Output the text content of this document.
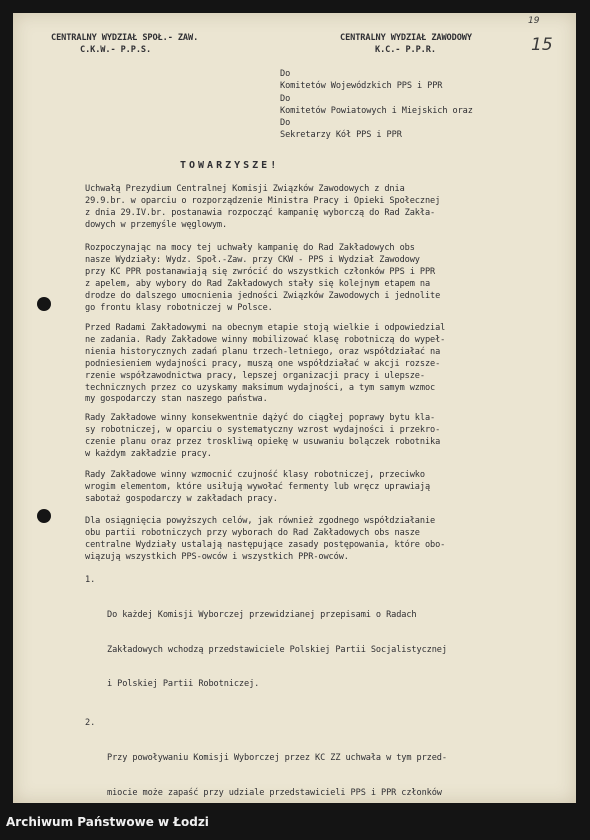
19
15
CENTRALNY WYDZIAŁ SPOŁ.- ZAW.
C.K.W.- P.P.S.
CENTRALNY WYDZIAŁ ZAWODOWY
K.C.- P.P.R.
Do
Komitetów Wojewódzkich PPS i PPR
Do
Komitetów Powiatowych i Miejskich oraz
Do
Sekretarzy Kół PPS i PPR
TOWARZYSZE!
Uchwałą Prezydium Centralnej Komisji Związków Zawodowych z dnia
29.9.br. w oparciu o rozporządzenie Ministra Pracy i Opieki Społecznej
z dnia 29.IV.br. postanawia rozpocząć kampanię wyborczą do Rad Zakła-
dowych w przemyśle węglowym.
Rozpoczynając na mocy tej uchwały kampanię do Rad Zakładowych obs
nasze Wydziały: Wydz. Społ.-Zaw. przy CKW - PPS i Wydział Zawodowy
przy KC PPR postanawiają się zwrócić do wszystkich członków PPS i PPR
z apelem, aby wybory do Rad Zakładowych stały się kolejnym etapem na
drodze do dalszego umocnienia jedności Związków Zawodowych i jednolite
go frontu klasy robotniczej w Polsce.
Przed Radami Zakładowymi na obecnym etapie stoją wielkie i odpowiedzial
ne zadania. Rady Zakładowe winny mobilizować klasę robotniczą do wypeł-
nienia historycznych zadań planu trzech-letniego, oraz współdziałać na
podniesieniem wydajności pracy, muszą one współdziałać w akcji rozsze-
rzenie współzawodnictwa pracy, lepszej organizacji pracy i ulepsze-
technicznych przez co uzyskamy maksimum wydajności, a tym samym wzmoc
my gospodarczy stan naszego państwa.
Rady Zakładowe winny konsekwentnie dążyć do ciągłej poprawy bytu kla-
sy robotniczej, w oparciu o systematyczny wzrost wydajności i przekro-
czenie planu oraz przez troskliwą opiekę w usuwaniu bolączek robotnika
w każdym zakładzie pracy.
Rady Zakładowe winny wzmocnić czujność klasy robotniczej, przeciwko
wrogim elementom, które usiłują wywołać fermenty lub wręcz uprawiają
sabotaż gospodarczy w zakładach pracy.
Dla osiągnięcia powyższych celów, jak również zgodnego współdziałanie
obu partii robotniczych przy wyborach do Rad Zakładowych obs nasze
centralne Wydziały ustalają następujące zasady postępowania, które obo-
wiązują wszystkich PPS-owców i wszystkich PPR-owców.

1.

Do każdej Komisji Wyborczej przewidzianej przepisami o Radach

Zakładowych wchodzą przedstawiciele Polskiej Partii Socjalistycznej

i Polskiej Partii Robotniczej.

2.

Przy powoływaniu Komisji Wyborczej przez KC ZZ uchwała w tym przed-

miocie może zapaść przy udziale przedstawicieli PPS i PPR członków

Archiwum Państwowe w Łodzi
